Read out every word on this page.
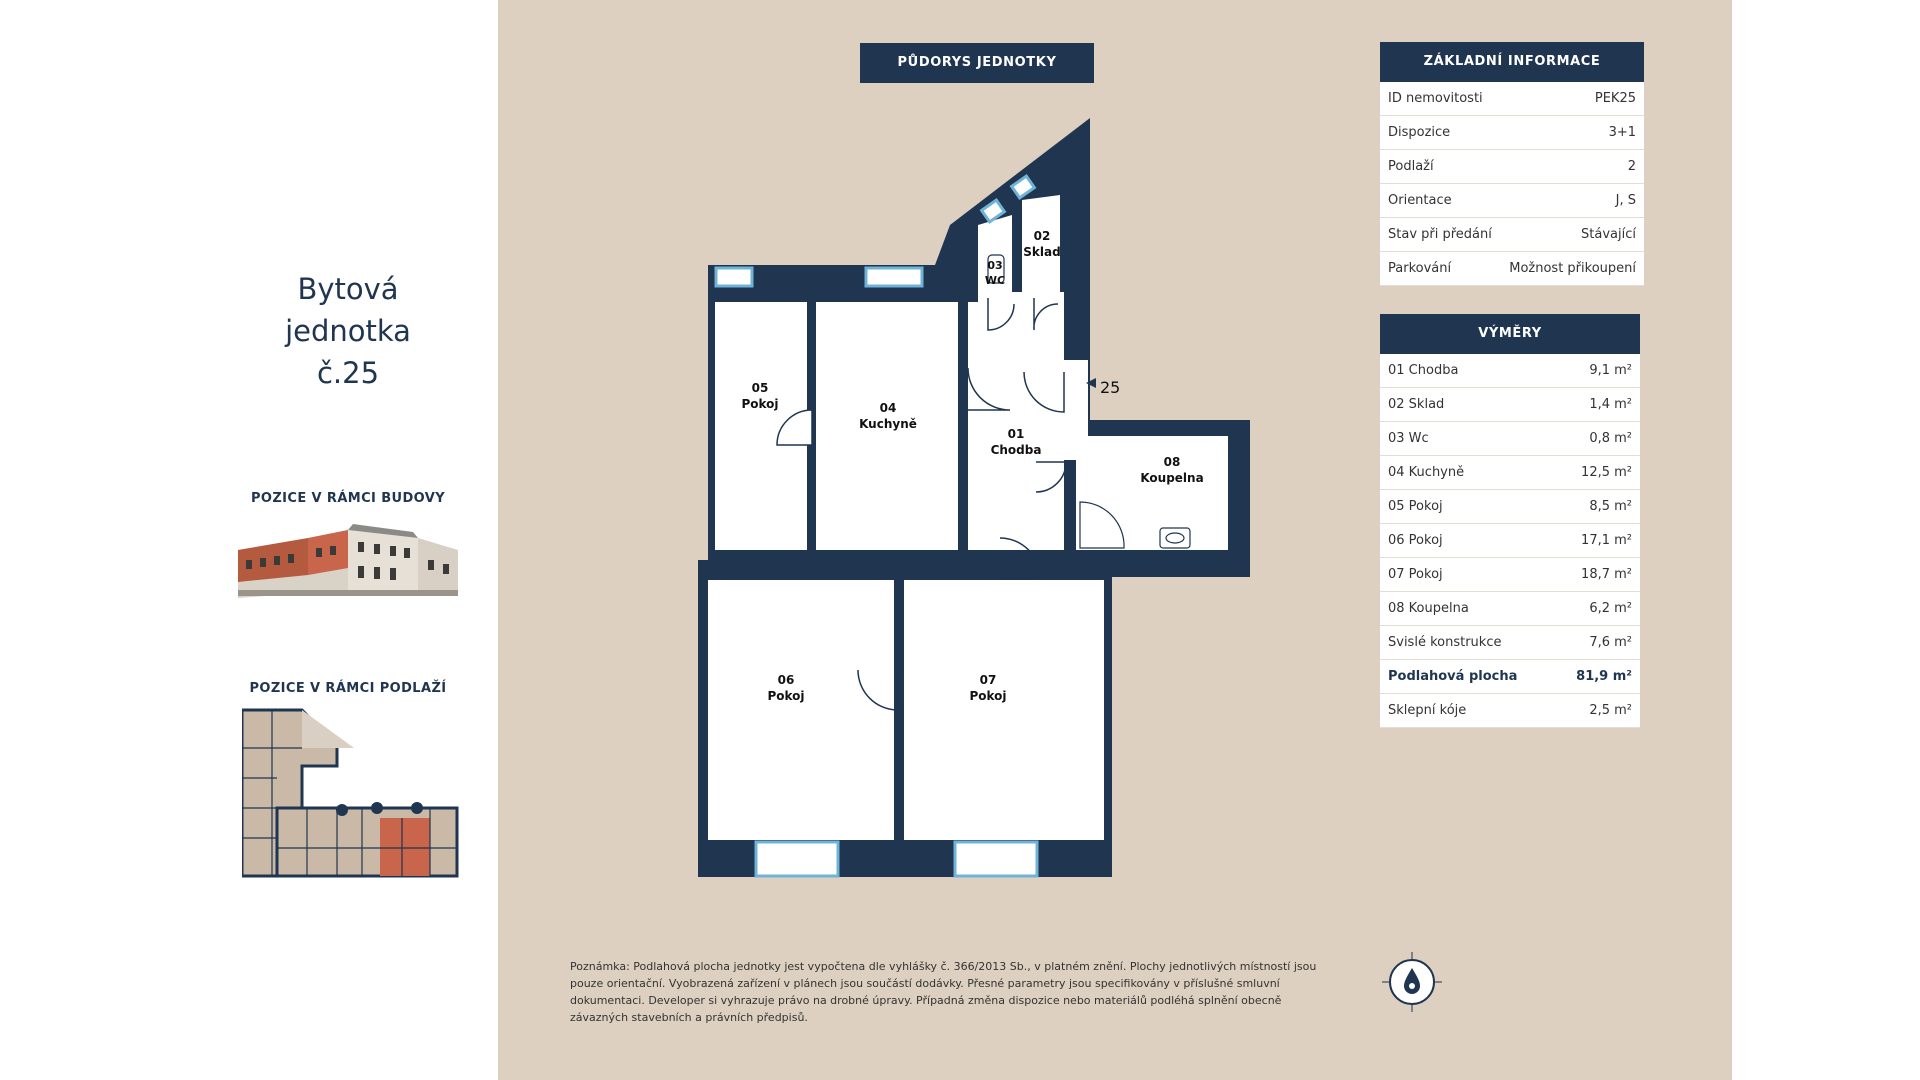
Bytová
jednotka
č.25
POZICE V RÁMCI BUDOVY
POZICE V RÁMCI PODLAŽÍ
PŮDORYS JEDNOTKY
05
Pokoj	04
Kuchyně
01
Chodba
02
Sklad
03
WC
08
Koupelna
06
Pokoj
07
Pokoj
25
ZÁKLADNÍ INFORMACE
ID nemovitosti	PEK25
Dispozice	3+1
Podlaží	2
Orientace	J, S
Stav při předání	Stávající
Parkování	Možnost přikoupení
VÝMĚRY
01 Chodba	9,1 m²
02 Sklad	1,4 m²
03 Wc	0,8 m²
04 Kuchyně	12,5 m²
05 Pokoj	8,5 m²
06 Pokoj	17,1 m²
07 Pokoj	18,7 m²
08 Koupelna	6,2 m²
Svislé konstrukce	7,6 m²
Podlahová plocha	81,9 m²
Sklepní kóje	2,5 m²
Poznámka: Podlahová plocha jednotky jest vypočtena dle vyhlášky č. 366/2013 Sb., v platném znění. Plochy jednotlivých místností jsou pouze orientační. Vyobrazená zařízení v plánech jsou součástí dodávky. Přesné parametry jsou specifikovány v příslušné smluvní dokumentaci. Developer si vyhrazuje právo na drobné úpravy. Případná změna dispozice nebo materiálů podléhá splnění obecně závazných stavebních a právních předpisů.
